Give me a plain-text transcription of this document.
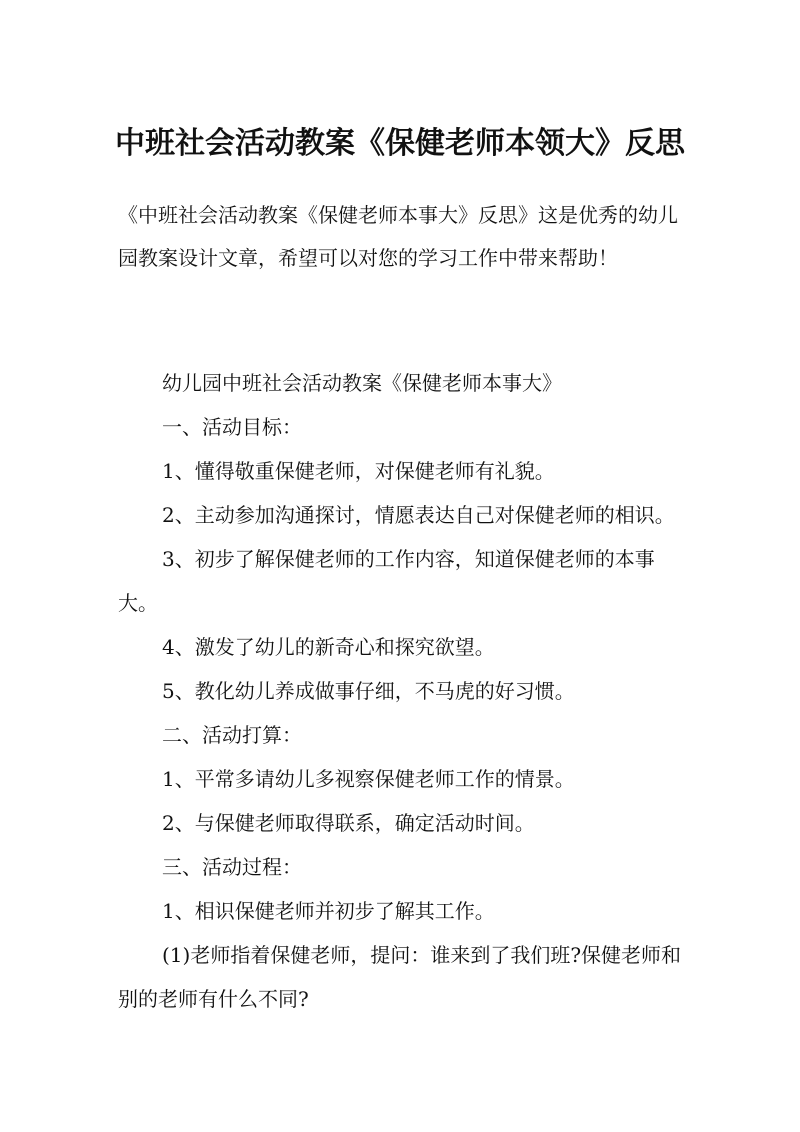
中班社会活动教案《保健老师本领大》反思

《中班社会活动教案《保健老师本事大》反思》这是优秀的幼儿园教案设计文章，希望可以对您的学习工作中带来帮助！

幼儿园中班社会活动教案《保健老师本事大》

一、活动目标：

1、懂得敬重保健老师，对保健老师有礼貌。

2、主动参加沟通探讨，情愿表达自己对保健老师的相识。

3、初步了解保健老师的工作内容，知道保健老师的本事大。

4、激发了幼儿的新奇心和探究欲望。

5、教化幼儿养成做事仔细，不马虎的好习惯。

二、活动打算：

1、平常多请幼儿多视察保健老师工作的情景。

2、与保健老师取得联系，确定活动时间。

三、活动过程：

1、相识保健老师并初步了解其工作。

(1)老师指着保健老师，提问：谁来到了我们班?保健老师和别的老师有什么不同?
